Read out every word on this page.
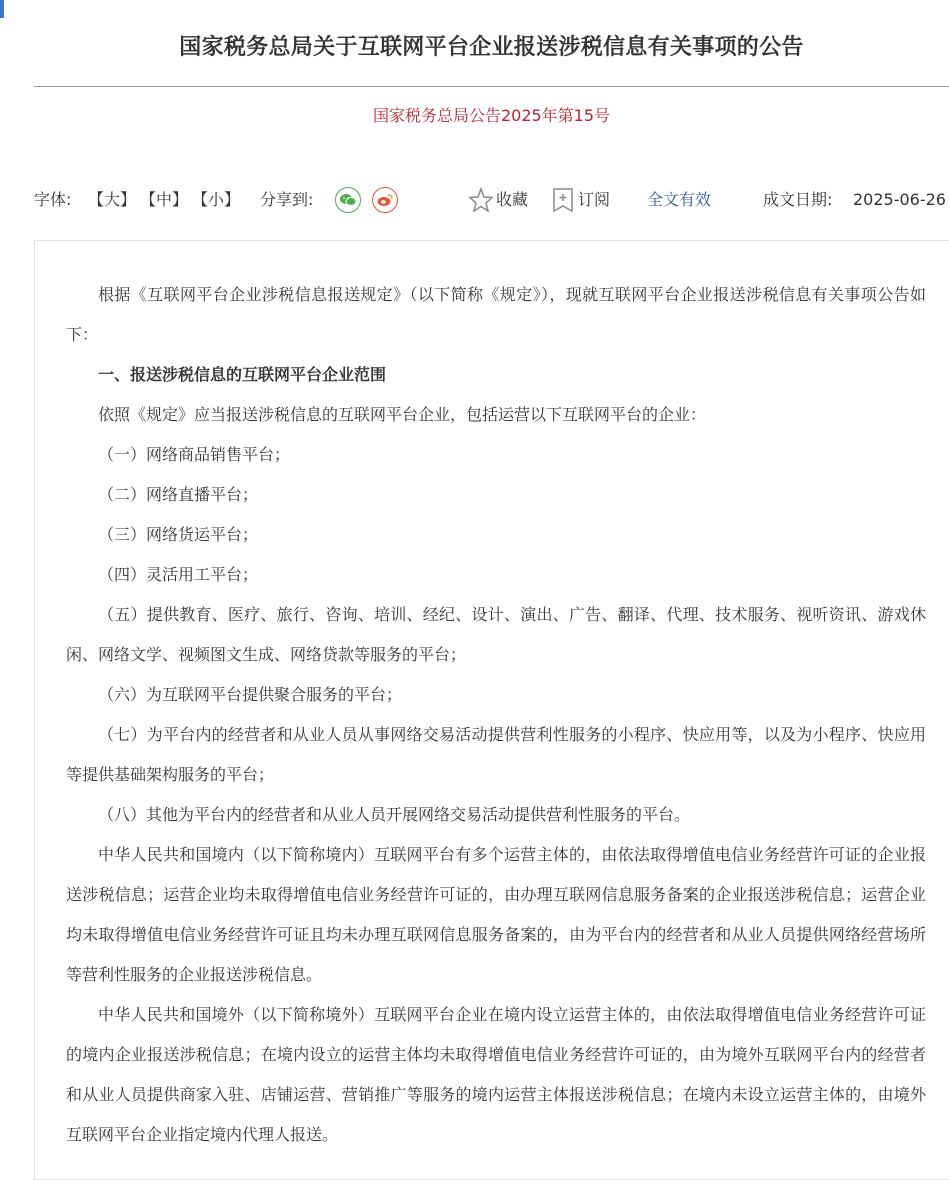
国家税务总局关于互联网平台企业报送涉税信息有关事项的公告
国家税务总局公告2025年第15号
字体: 【大】 【中】 【小】 分享到:	收藏	订阅 全文有效	成文日期: 2025-06-26

根据《互联网平台企业涉税信息报送规定》（以下简称《规定》），现就互联网平台企业报送涉税信息有关事项公告如下：

一、报送涉税信息的互联网平台企业范围

依照《规定》应当报送涉税信息的互联网平台企业，包括运营以下互联网平台的企业：

（一）网络商品销售平台；

（二）网络直播平台；

（三）网络货运平台；

（四）灵活用工平台；

（五）提供教育、医疗、旅行、咨询、培训、经纪、设计、演出、广告、翻译、代理、技术服务、视听资讯、游戏休闲、网络文学、视频图文生成、网络贷款等服务的平台；

（六）为互联网平台提供聚合服务的平台；

（七）为平台内的经营者和从业人员从事网络交易活动提供营利性服务的小程序、快应用等，以及为小程序、快应用等提供基础架构服务的平台；

（八）其他为平台内的经营者和从业人员开展网络交易活动提供营利性服务的平台。

中华人民共和国境内（以下简称境内）互联网平台有多个运营主体的，由依法取得增值电信业务经营许可证的企业报送涉税信息；运营企业均未取得增值电信业务经营许可证的，由办理互联网信息服务备案的企业报送涉税信息；运营企业均未取得增值电信业务经营许可证且均未办理互联网信息服务备案的，由为平台内的经营者和从业人员提供网络经营场所等营利性服务的企业报送涉税信息。

中华人民共和国境外（以下简称境外）互联网平台企业在境内设立运营主体的，由依法取得增值电信业务经营许可证的境内企业报送涉税信息；在境内设立的运营主体均未取得增值电信业务经营许可证的，由为境外互联网平台内的经营者和从业人员提供商家入驻、店铺运营、营销推广等服务的境内运营主体报送涉税信息；在境内未设立运营主体的，由境外互联网平台企业指定境内代理人报送。
